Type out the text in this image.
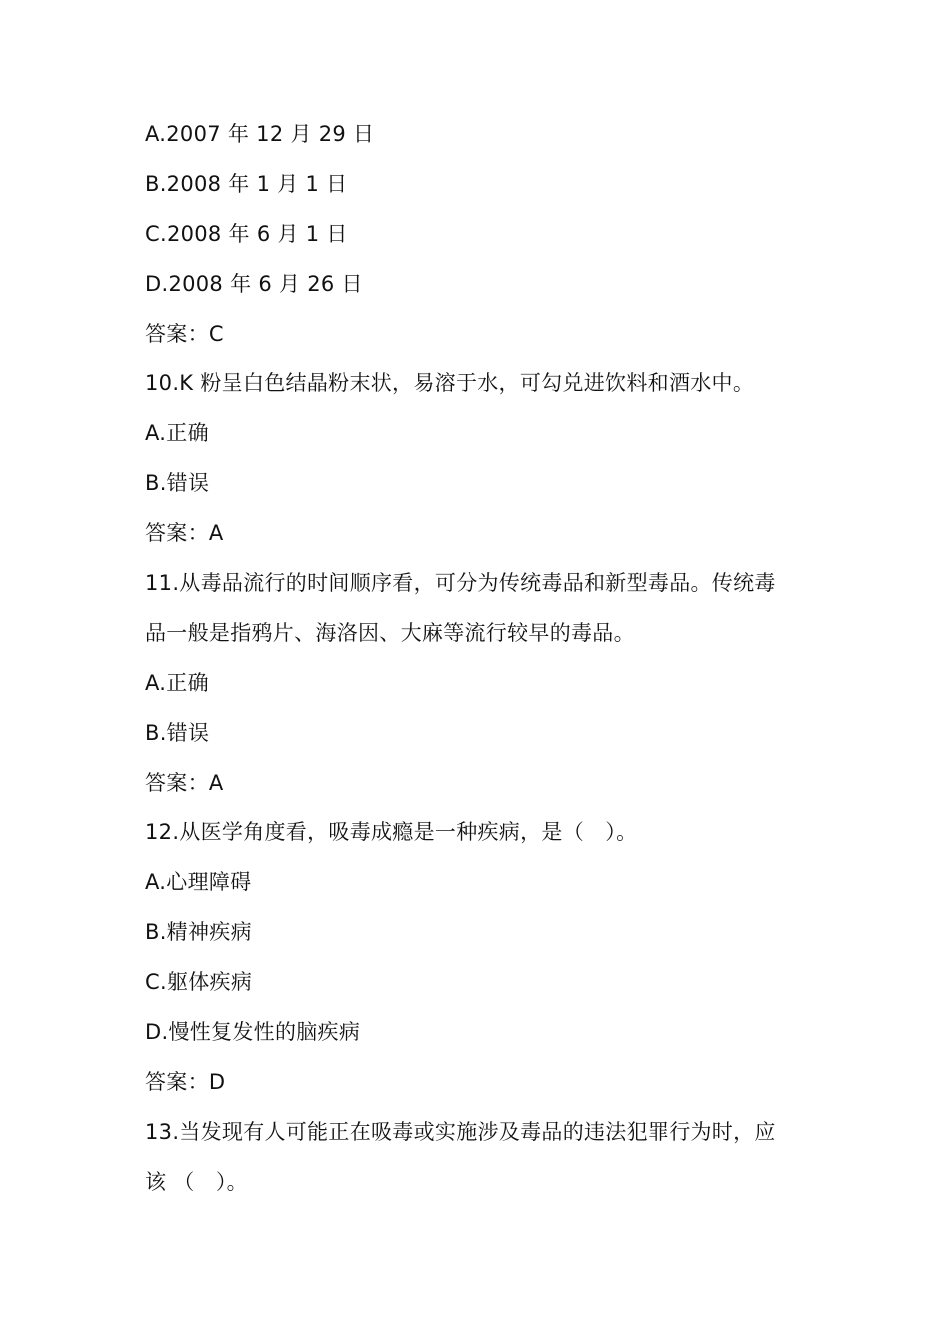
A.2007 年 12 月 29 日
B.2008 年 1 月 1 日
C.2008 年 6 月 1 日
D.2008 年 6 月 26 日
答案：C
10.K 粉呈白色结晶粉末状，易溶于水，可勾兑进饮料和酒水中。
A.正确
B.错误
答案：A
11.从毒品流行的时间顺序看，可分为传统毒品和新型毒品。传统毒
品一般是指鸦片、海洛因、大麻等流行较早的毒品。
A.正确
B.错误
答案：A
12.从医学角度看，吸毒成瘾是一种疾病，是（　）。
A.心理障碍
B.精神疾病
C.躯体疾病
D.慢性复发性的脑疾病
答案：D
13.当发现有人可能正在吸毒或实施涉及毒品的违法犯罪行为时，应
该 （　）。
